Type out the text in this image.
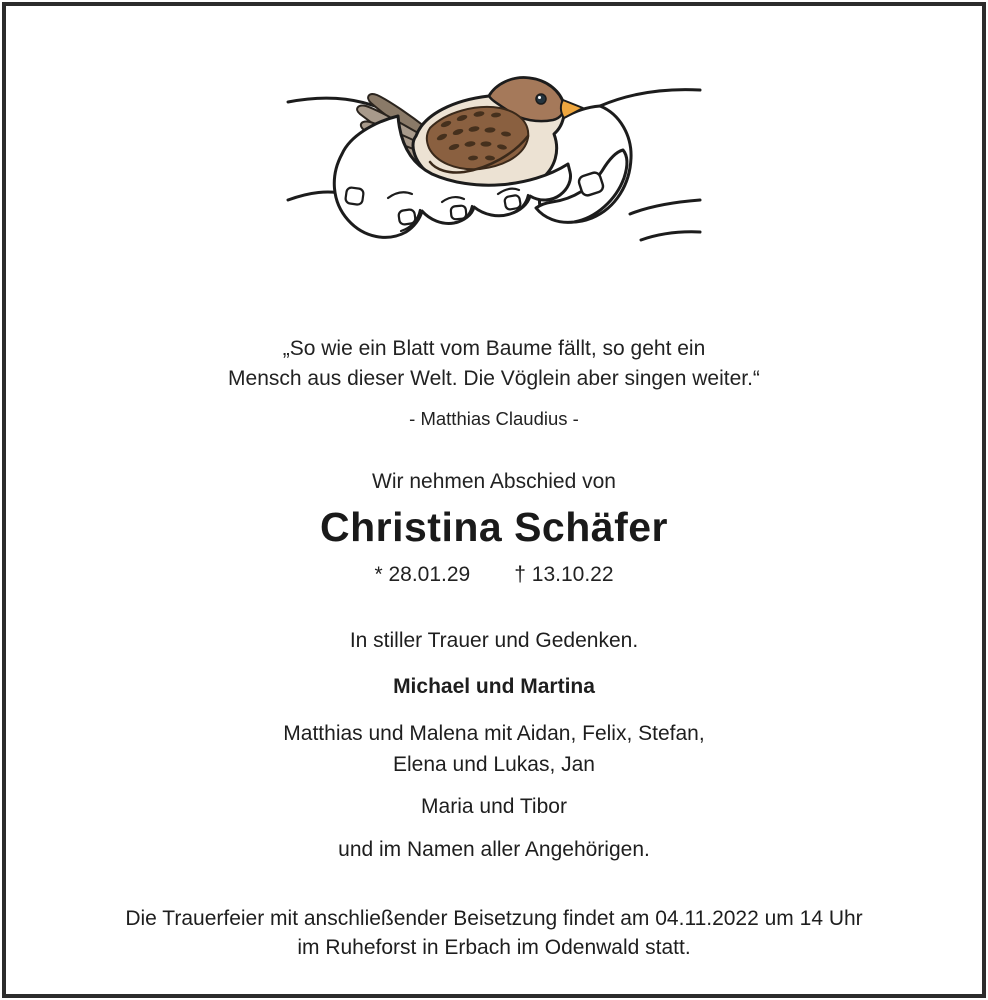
„So wie ein Blatt vom Baume fällt, so geht ein
Mensch aus dieser Welt. Die Vöglein aber singen weiter.“
- Matthias Claudius -
Wir nehmen Abschied von
Christina Schäfer
* 28.01.29 † 13.10.22
In stiller Trauer und Gedenken.
Michael und Martina
Matthias und Malena mit Aidan, Felix, Stefan,
Elena und Lukas, Jan
Maria und Tibor
und im Namen aller Angehörigen.
Die Trauerfeier mit anschließender Beisetzung findet am 04.11.2022 um 14 Uhr
im Ruheforst in Erbach im Odenwald statt.
